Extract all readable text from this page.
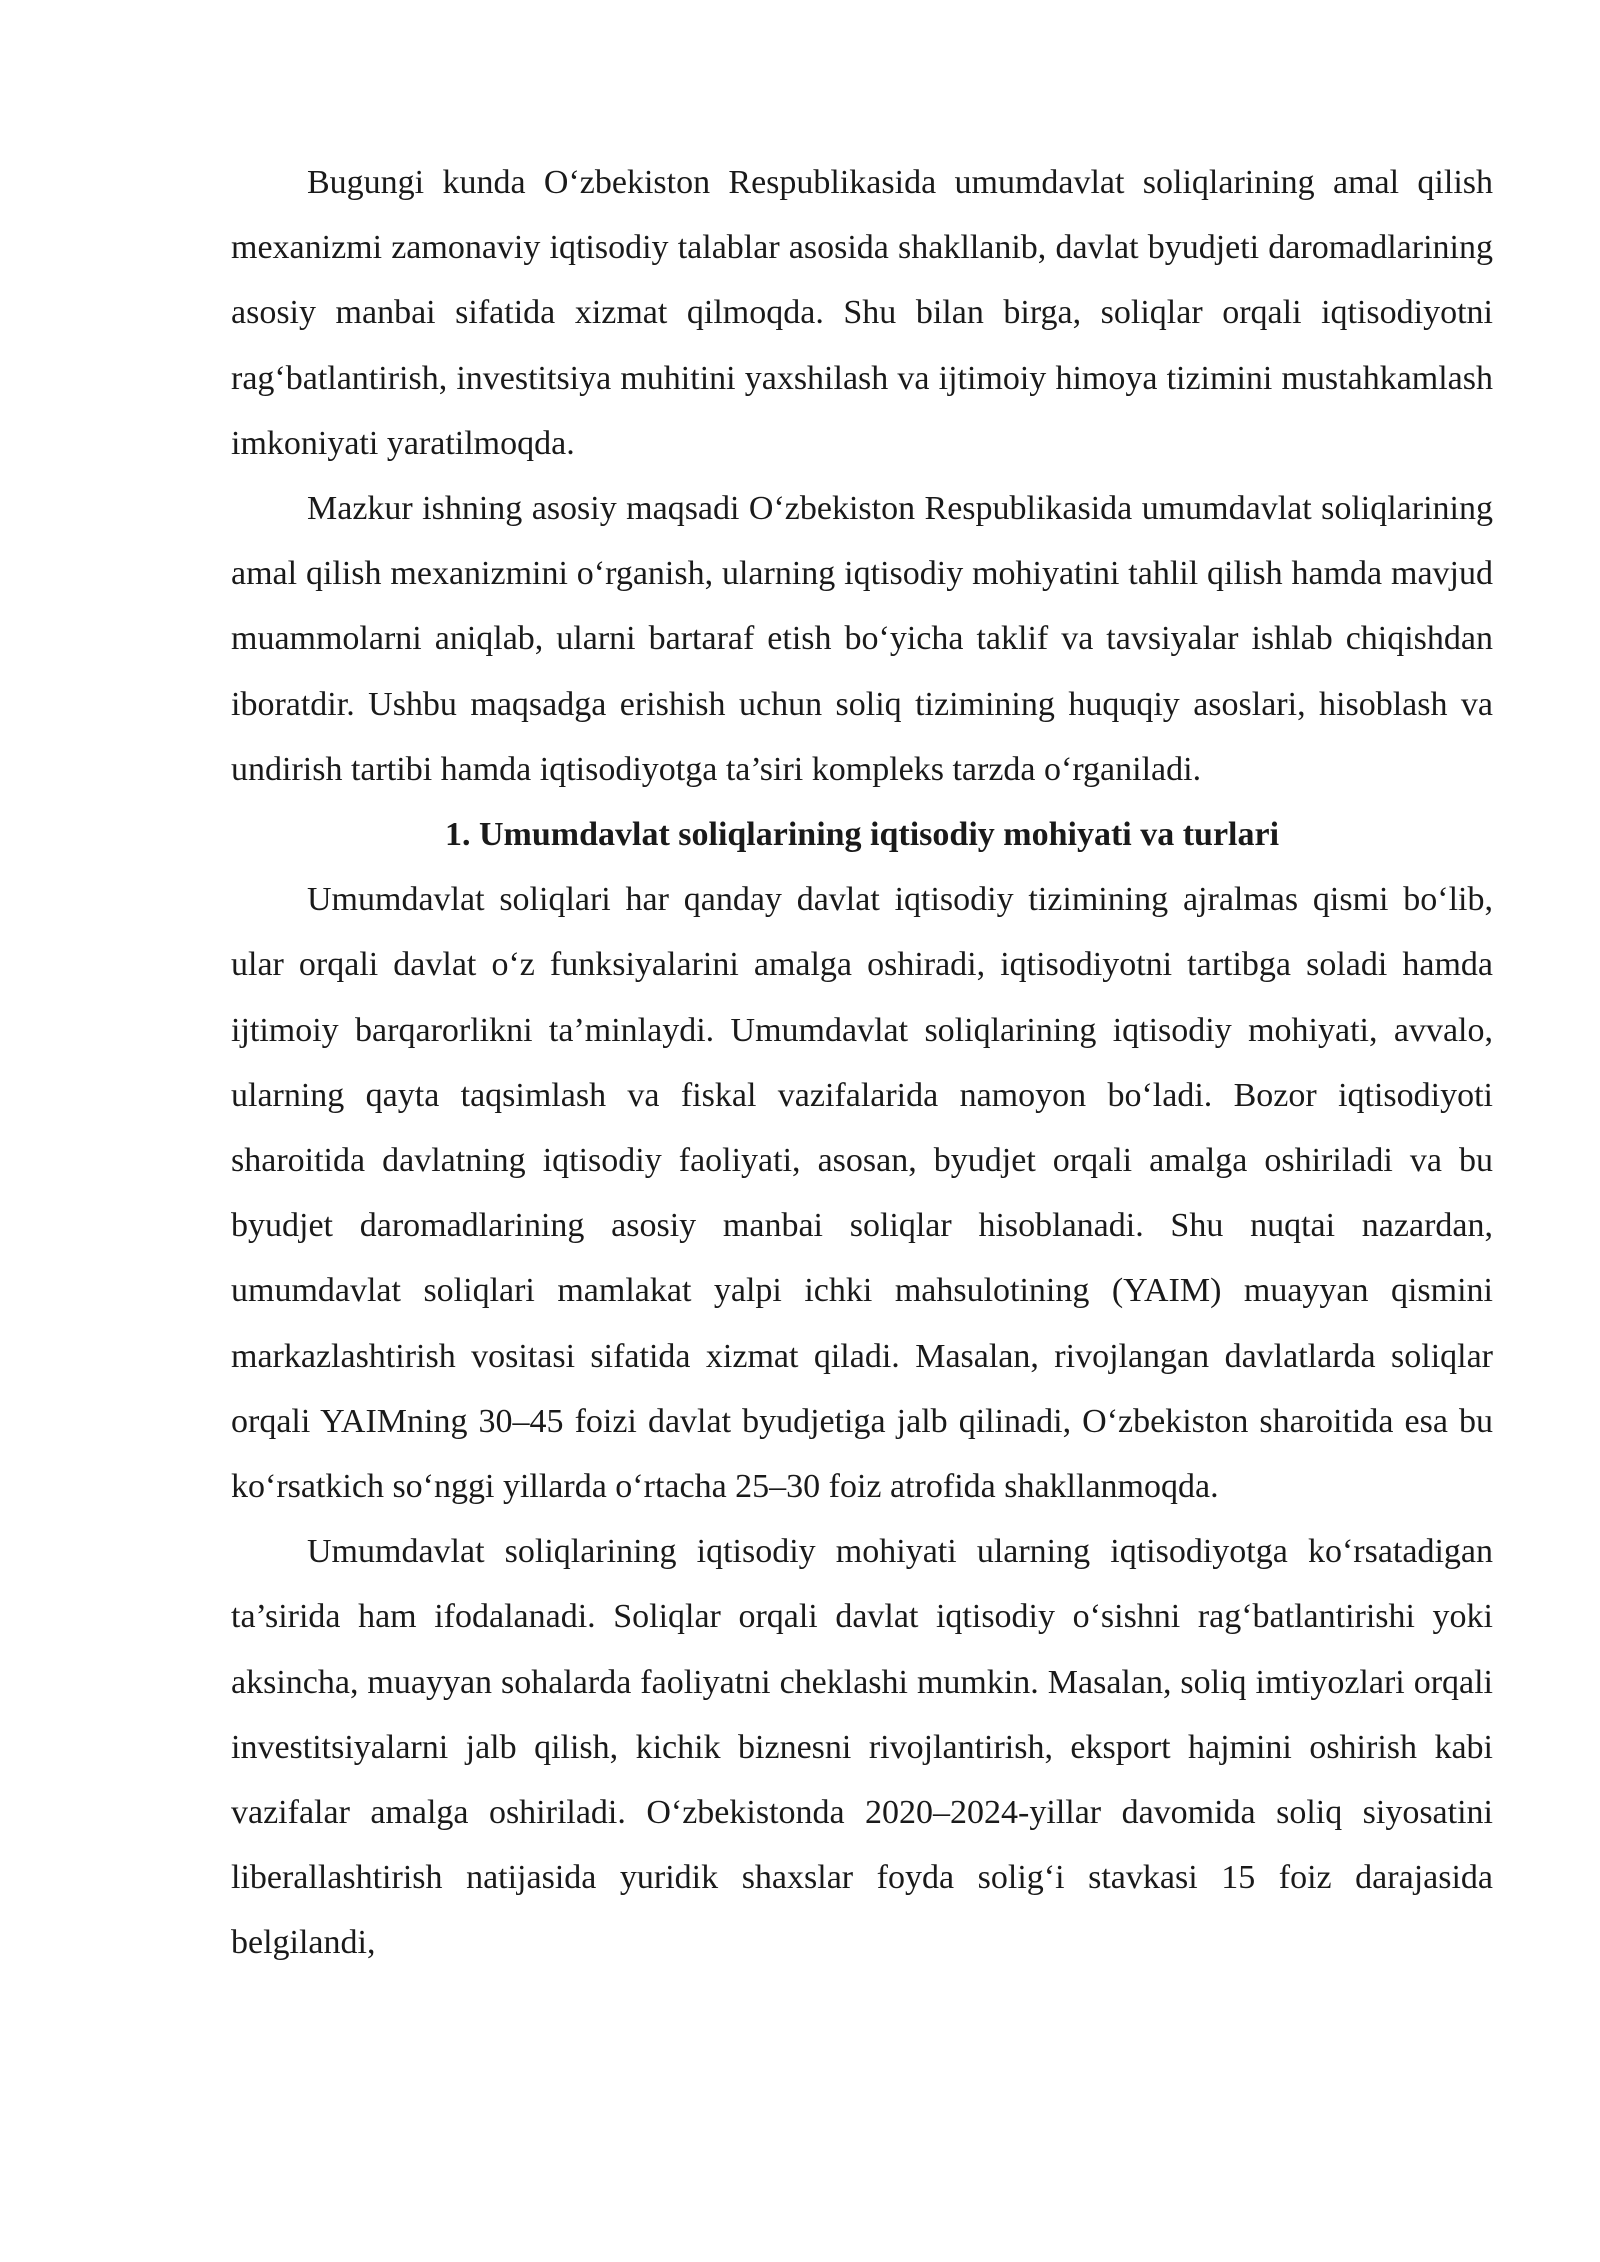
Bugungi kunda O‘zbekiston Respublikasida umumdavlat soliqlarining amal qilish mexanizmi zamonaviy iqtisodiy talablar asosida shakllanib, davlat byudjeti daromadlarining asosiy manbai sifatida xizmat qilmoqda. Shu bilan birga, soliqlar orqali iqtisodiyotni rag‘batlantirish, investitsiya muhitini yaxshilash va ijtimoiy himoya tizimini mustahkamlash imkoniyati yaratilmoqda.

Mazkur ishning asosiy maqsadi O‘zbekiston Respublikasida umumdavlat soliqlarining amal qilish mexanizmini o‘rganish, ularning iqtisodiy mohiyatini tahlil qilish hamda mavjud muammolarni aniqlab, ularni bartaraf etish bo‘yicha taklif va tavsiyalar ishlab chiqishdan iboratdir. Ushbu maqsadga erishish uchun soliq tizimining huquqiy asoslari, hisoblash va undirish tartibi hamda iqtisodiyotga ta’siri kompleks tarzda o‘rganiladi.

1. Umumdavlat soliqlarining iqtisodiy mohiyati va turlari

Umumdavlat soliqlari har qanday davlat iqtisodiy tizimining ajralmas qismi bo‘lib, ular orqali davlat o‘z funksiyalarini amalga oshiradi, iqtisodiyotni tartibga soladi hamda ijtimoiy barqarorlikni ta’minlaydi. Umumdavlat soliqlarining iqtisodiy mohiyati, avvalo, ularning qayta taqsimlash va fiskal vazifalarida namoyon bo‘ladi. Bozor iqtisodiyoti sharoitida davlatning iqtisodiy faoliyati, asosan, byudjet orqali amalga oshiriladi va bu byudjet daromadlarining asosiy manbai soliqlar hisoblanadi. Shu nuqtai nazardan, umumdavlat soliqlari mamlakat yalpi ichki mahsulotining (YAIM) muayyan qismini markazlashtirish vositasi sifatida xizmat qiladi. Masalan, rivojlangan davlatlarda soliqlar orqali YAIMning 30–45 foizi davlat byudjetiga jalb qilinadi, O‘zbekiston sharoitida esa bu ko‘rsatkich so‘nggi yillarda o‘rtacha 25–30 foiz atrofida shakllanmoqda.

Umumdavlat soliqlarining iqtisodiy mohiyati ularning iqtisodiyotga ko‘rsatadigan ta’sirida ham ifodalanadi. Soliqlar orqali davlat iqtisodiy o‘sishni rag‘batlantirishi yoki aksincha, muayyan sohalarda faoliyatni cheklashi mumkin. Masalan, soliq imtiyozlari orqali investitsiyalarni jalb qilish, kichik biznesni rivojlantirish, eksport hajmini oshirish kabi vazifalar amalga oshiriladi. O‘zbekistonda 2020–2024-yillar davomida soliq siyosatini liberallashtirish natijasida yuridik shaxslar foyda solig‘i stavkasi 15 foiz darajasida belgilandi,
